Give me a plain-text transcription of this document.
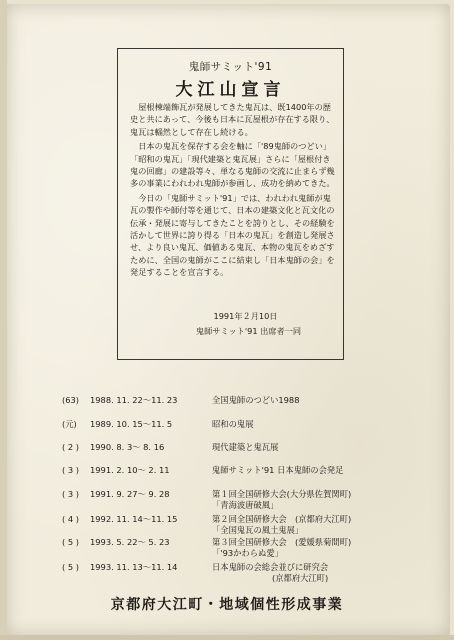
鬼師サミット'91
大江山宣言

屋根棟端飾瓦が発展してきた鬼瓦は、既1400年の歴史と共にあって、今後も日本に瓦屋根が存在する限り、鬼瓦は輜然として存在し続ける。

日本の鬼瓦を保存する会を軸に「'89鬼師のつどい」「昭和の鬼瓦」「現代建築と鬼瓦展」さらに「屋根付き鬼の回廊」の建設等々、単なる鬼師の交流に止まらず幾多の事業にわれわれ鬼師が参画し、成功を納めてきた。

今日の「鬼師サミット'91」では、われわれ鬼師が鬼瓦の製作や師付等を通じて、日本の建築文化と瓦文化の伝承・発展に寄与してきたことを誇りとし、その経験を活かして世界に誇り得る「日本の鬼瓦」を創造し発展させ、より良い鬼瓦、価値ある鬼瓦、本物の鬼瓦をめざすために、全国の鬼師がここに結束し「日本鬼師の会」を発足することを宣言する。

1991年２月10日
鬼師サミット'91 出席者一同
(63)	1988. 11. 22～11. 23	全国鬼師のつどい1988
(元)	1989. 10. 15～11. 5	昭和の鬼展
( 2 )	1990. 8. 3～ 8. 16	現代建築と鬼瓦展
( 3 )	1991. 2. 10～ 2. 11	鬼師サミット'91 日本鬼師の会発足
( 3 )	1991. 9. 27～ 9. 28	第１回全国研修大会(大分県佐賀関町)
「青海波唐破風」
( 4 )	1992. 11. 14～11. 15	第２回全国研修大会　(京都府大江町)
「全国鬼瓦の風土鬼展」
( 5 )	1993. 5. 22～ 5. 23	第３回全国研修大会　(愛媛県菊間町)
「'93かわらぬ愛」
( 5 )	1993. 11. 13～11. 14	日本鬼師の会総会並びに研究会
(京都府大江町)
京都府大江町・地域個性形成事業
